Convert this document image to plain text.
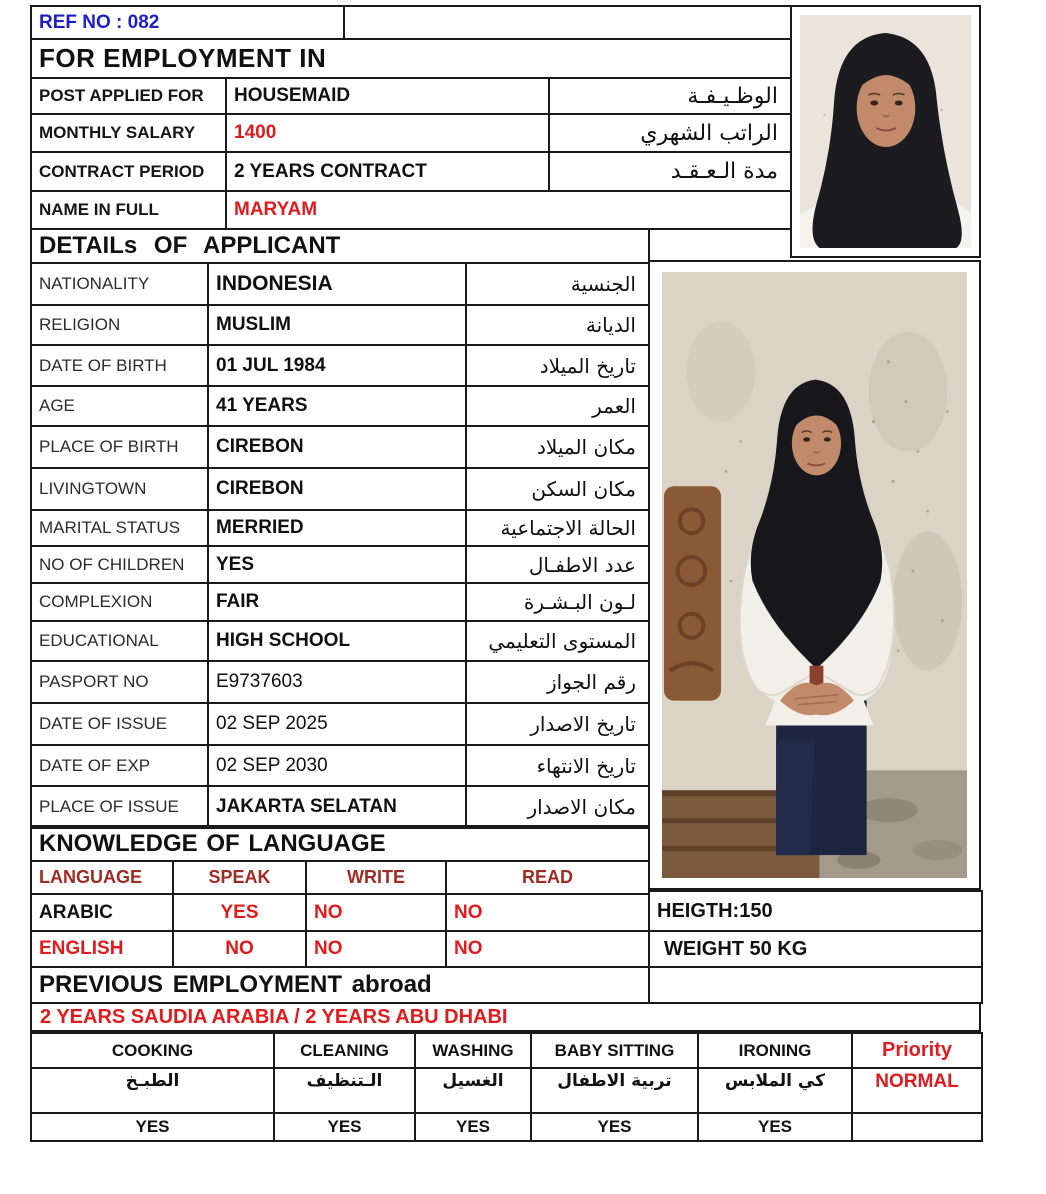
REF NO : 082			
FOR EMPLOYMENT IN			
POST APPLIED FOR	HOUSEMAID		الوظـيـفـة
MONTHLY SALARY	1400		الراتب الشهري
CONTRACT PERIOD	2 YEARS CONTRACT		مدة الـعـقـد
NAME IN FULL	MARYAM		
DETAILs OF APPLICANT		
NATIONALITY	INDONESIA	الجنسية
RELIGION	MUSLIM	الديانة
DATE OF BIRTH	01 JUL 1984	تاريخ الميلاد
AGE	41 YEARS	العمر
PLACE OF BIRTH	CIREBON	مكان الميلاد
LIVINGTOWN	CIREBON	مكان السكن
MARITAL STATUS	MERRIED	الحالة الاجتماعية
NO OF CHILDREN	YES	عدد الاطفـال
COMPLEXION	FAIR	لـون البـشـرة
EDUCATIONAL	HIGH SCHOOL	المستوى التعليمي
PASPORT NO	E9737603	رقم الجواز
DATE OF ISSUE	02 SEP 2025	تاريخ الاصدار
DATE OF EXP	02 SEP 2030	تاريخ الانتهاء
PLACE OF ISSUE	JAKARTA SELATAN	مكان الاصدار
KNOWLEDGE OF LANGUAGE			
LANGUAGE	SPEAK	WRITE	READ
ARABIC	YES	NO	NO
ENGLISH	NO	NO	NO
HEIGTH:150
WEIGHT 50 KG

PREVIOUS EMPLOYMENT abroad
2 YEARS SAUDIA ARABIA / 2 YEARS ABU DHABI
COOKING	CLEANING	WASHING	BABY SITTING	IRONING	Priority
الطبـخ	الـتنظيف	الغسيل	تربية الاطفال	كي الملابس	NORMAL
YES	YES	YES	YES	YES	
